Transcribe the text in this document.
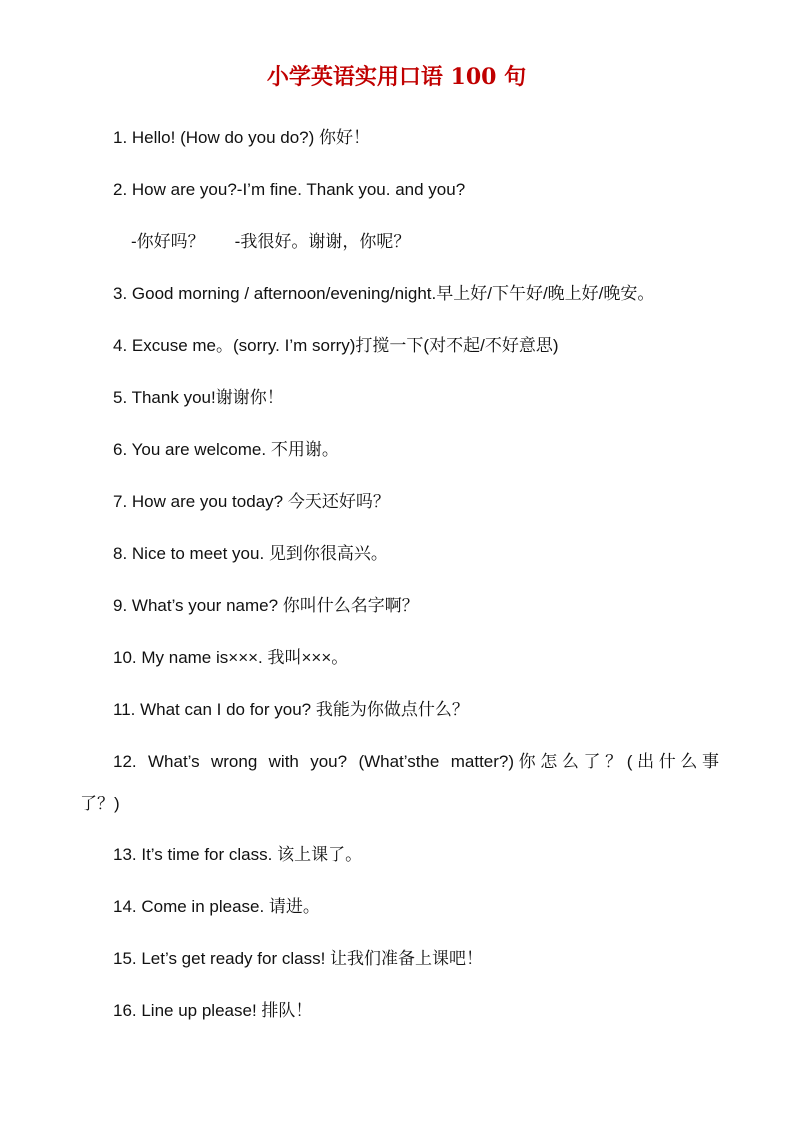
小学英语实用口语 100 句
1. Hello! (How do you do?) 你好！
2. How are you?-I’m fine. Thank you. and you?
-你好吗？ -我很好。谢谢，你呢？
3. Good morning / afternoon/evening/night.早上好/下午好/晚上好/晚安。
4. Excuse me。(sorry. I’m sorry)打搅一下(对不起/不好意思)
5. Thank you!谢谢你！
6. You are welcome. 不用谢。
7. How are you today? 今天还好吗？
8. Nice to meet you. 见到你很高兴。
9. What’s your name? 你叫什么名字啊？
10. My name is×××. 我叫×××。
11. What can I do for you? 我能为你做点什么？
12. What’s wrong with you? (What’sthe matter?)你怎么了？(出什么事
了？)
13. It’s time for class. 该上课了。
14. Come in please. 请进。
15. Let’s get ready for class! 让我们准备上课吧！
16. Line up please! 排队！
